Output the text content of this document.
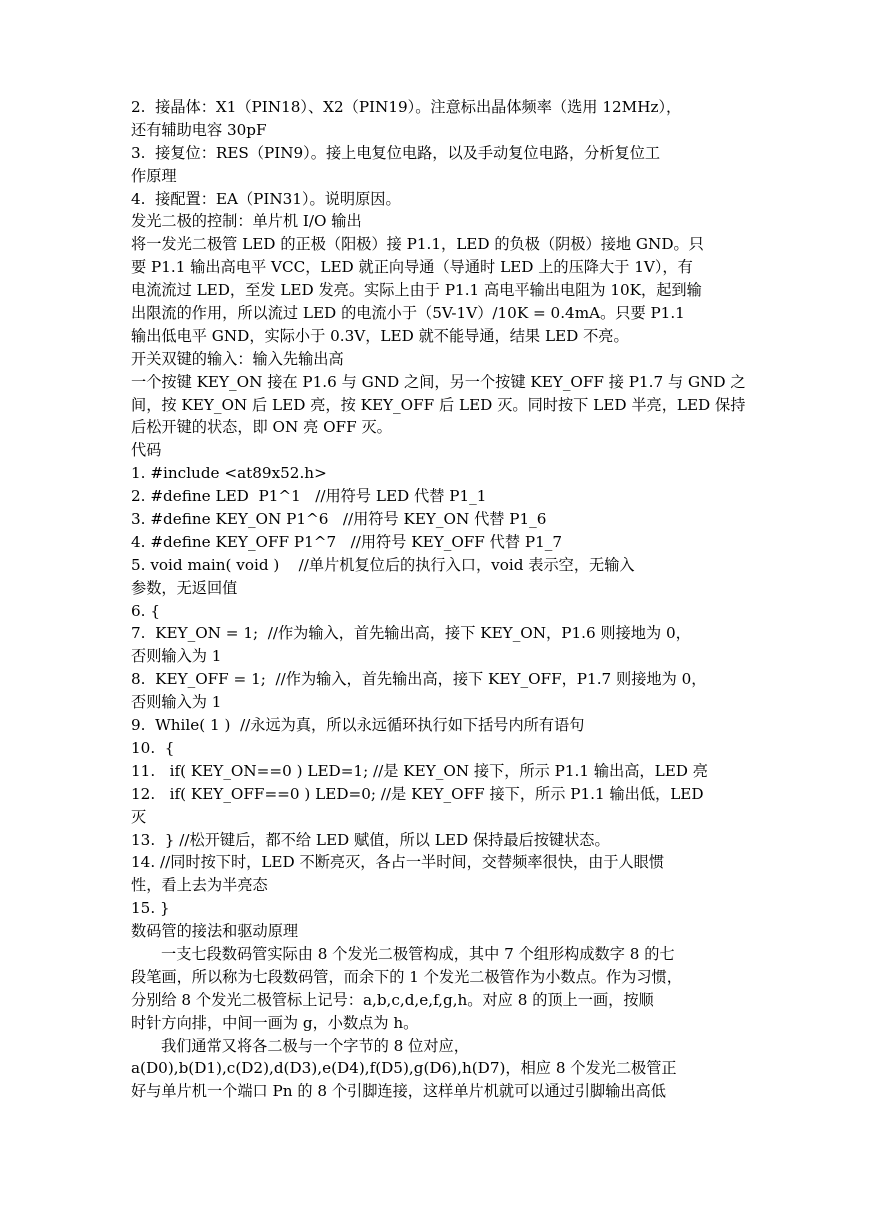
2.  接晶体：X1（PIN18）、X2（PIN19）。注意标出晶体频率（选用 12MHz），
还有辅助电容 30pF
3.  接复位：RES（PIN9）。接上电复位电路，以及手动复位电路，分析复位工
作原理
4.  接配置：EA（PIN31）。说明原因。
发光二极的控制：单片机 I/O 输出
将一发光二极管 LED 的正极（阳极）接 P1.1，LED 的负极（阴极）接地 GND。只
要 P1.1 输出高电平 VCC，LED 就正向导通（导通时 LED 上的压降大于 1V），有
电流流过 LED，至发 LED 发亮。实际上由于 P1.1 高电平输出电阻为 10K，起到输
出限流的作用，所以流过 LED 的电流小于（5V-1V）/10K = 0.4mA。只要 P1.1
输出低电平 GND，实际小于 0.3V，LED 就不能导通，结果 LED 不亮。
开关双键的输入：输入先输出高
一个按键 KEY_ON 接在 P1.6 与 GND 之间，另一个按键 KEY_OFF 接 P1.7 与 GND 之
间，按 KEY_ON 后 LED 亮，按 KEY_OFF 后 LED 灭。同时按下 LED 半亮，LED 保持
后松开键的状态，即 ON 亮 OFF 灭。
代码
1. #include <at89x52.h>
2. #define LED  P1^1   //用符号 LED 代替 P1_1
3. #define KEY_ON P1^6   //用符号 KEY_ON 代替 P1_6
4. #define KEY_OFF P1^7   //用符号 KEY_OFF 代替 P1_7
5. void main( void )    //单片机复位后的执行入口，void 表示空，无输入
参数，无返回值
6. {
7.  KEY_ON = 1;  //作为输入，首先输出高，接下 KEY_ON，P1.6 则接地为 0，
否则输入为 1
8.  KEY_OFF = 1;  //作为输入，首先输出高，接下 KEY_OFF，P1.7 则接地为 0，
否则输入为 1
9.  While( 1 )  //永远为真，所以永远循环执行如下括号内所有语句
10.  {
11.   if( KEY_ON==0 ) LED=1; //是 KEY_ON 接下，所示 P1.1 输出高，LED 亮
12.   if( KEY_OFF==0 ) LED=0; //是 KEY_OFF 接下，所示 P1.1 输出低，LED
灭
13.  } //松开键后，都不给 LED 赋值，所以 LED 保持最后按键状态。
14. //同时按下时，LED 不断亮灭，各占一半时间，交替频率很快，由于人眼惯
性，看上去为半亮态
15. }
数码管的接法和驱动原理
一支七段数码管实际由 8 个发光二极管构成，其中 7 个组形构成数字 8 的七
段笔画，所以称为七段数码管，而余下的 1 个发光二极管作为小数点。作为习惯，
分别给 8 个发光二极管标上记号：a,b,c,d,e,f,g,h。对应 8 的顶上一画，按顺
时针方向排，中间一画为 g，小数点为 h。
我们通常又将各二极与一个字节的 8 位对应，
a(D0),b(D1),c(D2),d(D3),e(D4),f(D5),g(D6),h(D7)，相应 8 个发光二极管正
好与单片机一个端口 Pn 的 8 个引脚连接，这样单片机就可以通过引脚输出高低
